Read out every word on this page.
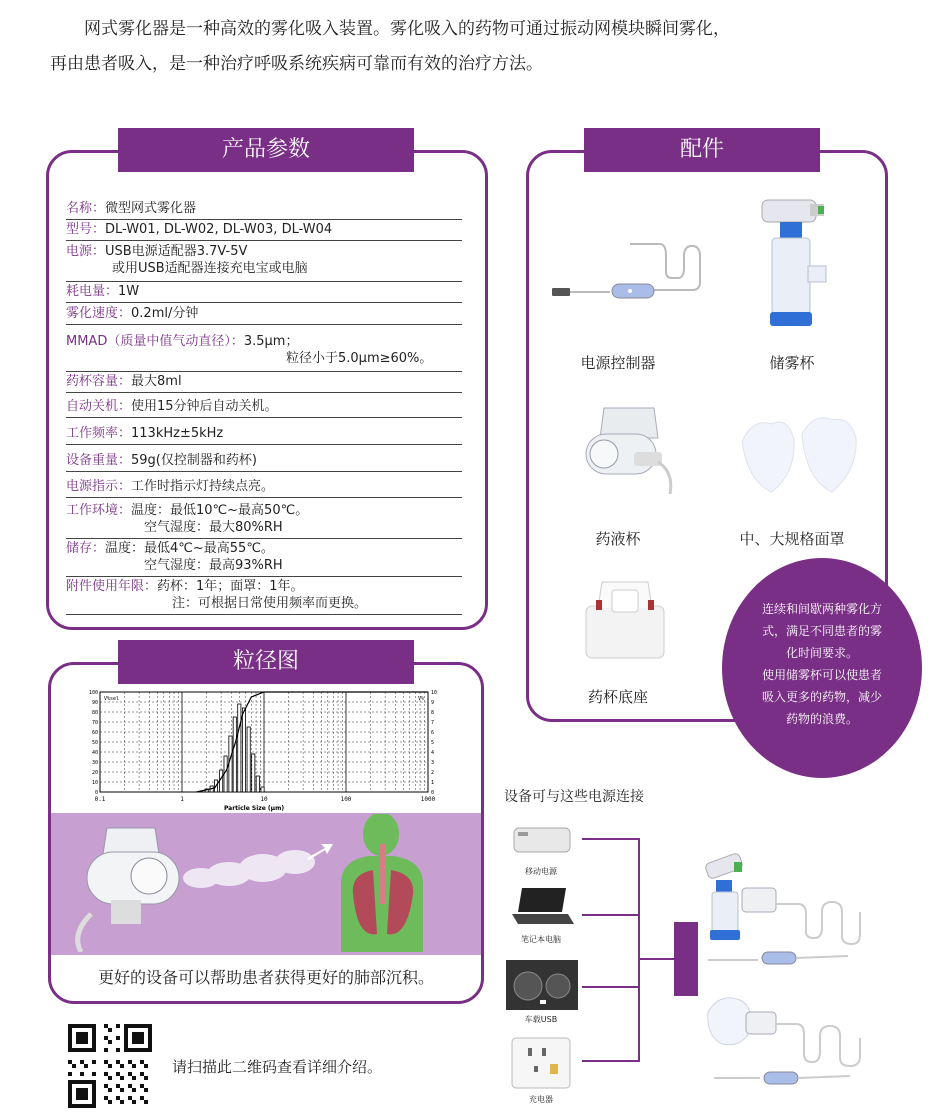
网式雾化器是一种高效的雾化吸入装置。雾化吸入的药物可通过振动网模块瞬间雾化，

再由患者吸入，是一种治疗呼吸系统疾病可靠而有效的治疗方法。

产品参数
名称：微型网式雾化器
型号：DL-W01, DL-W02, DL-W03, DL-W04
电源：USB电源适配器3.7V-5V
或用USB适配器连接充电宝或电脑
耗电量：1W
雾化速度：0.2ml/分钟
MMAD（质量中值气动直径）：3.5μm；
粒径小于5.0μm≥60%。
药杯容量：最大8ml
自动关机：使用15分钟后自动关机。
工作频率：113kHz±5kHz
设备重量：59g(仅控制器和药杯)
电源指示：工作时指示灯持续点亮。
工作环境：温度：最低10℃~最高50℃。
空气湿度：最大80%RH
储存：温度：最低4℃~最高55℃。
空气湿度：最高93%RH
附件使用年限：药杯：1年；面罩：1年。
注：可根据日常使用频率而更换。
配件
电源控制器	储雾杯
药液杯	中、大规格面罩
药杯底座
连续和间歇两种雾化方
式，满足不同患者的雾
化时间要求。
使用储雾杯可以使患者
吸入更多的药物，减少
药物的浪费。
更好的设备可以帮助患者获得更好的肺部沉积。
粒径图
0.1	1	10	100	1000
100
90
80
70
60
50
40
30
20
10
0
10
9
8
7
6
5
4
3
2
1
0
V%sel	V%
Particle Size (μm)
请扫描此二维码查看详细介绍。
设备可与这些电源连接
移动电源
笔记本电脑
车载USB
充电器
